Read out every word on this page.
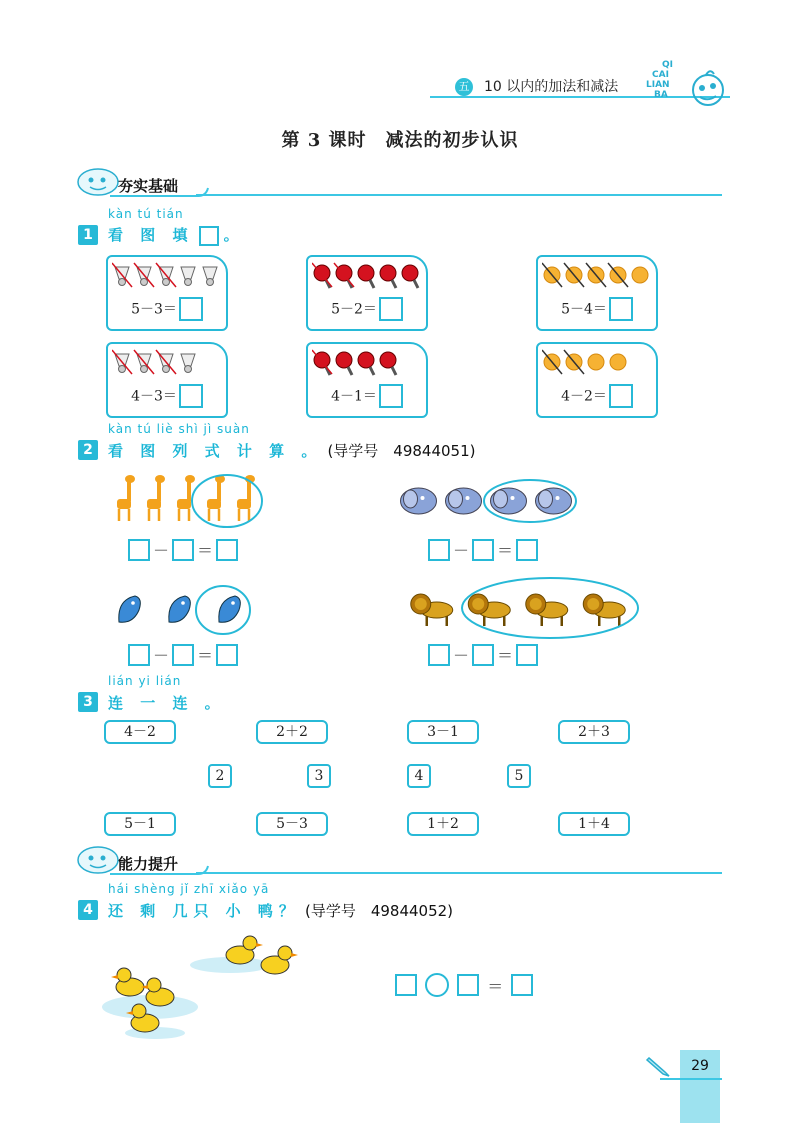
五 10 以内的加法和减法
QI
CAI
LIAN
BA
第 3 课时　减法的初步认识
夯实基础
kàn tú tián
1	看 图 填 。
5－3＝	5－2＝	5－4＝
4－3＝	4－1＝	4－2＝
kàn tú liè shì jì suàn
2	看 图 列 式 计 算 。 (导学号　49844051)
－ ＝	－ ＝
－ ＝	－ ＝
lián yi lián
3	连 一 连 。
4－2	2＋2	3－1	2＋3
2	3	4	5
5－1	5－3	1＋2	1＋4
能力提升
hái shèng jǐ zhī xiǎo yā
4	还 剩 几只 小 鸭？ (导学号　49844052)
＝
29
